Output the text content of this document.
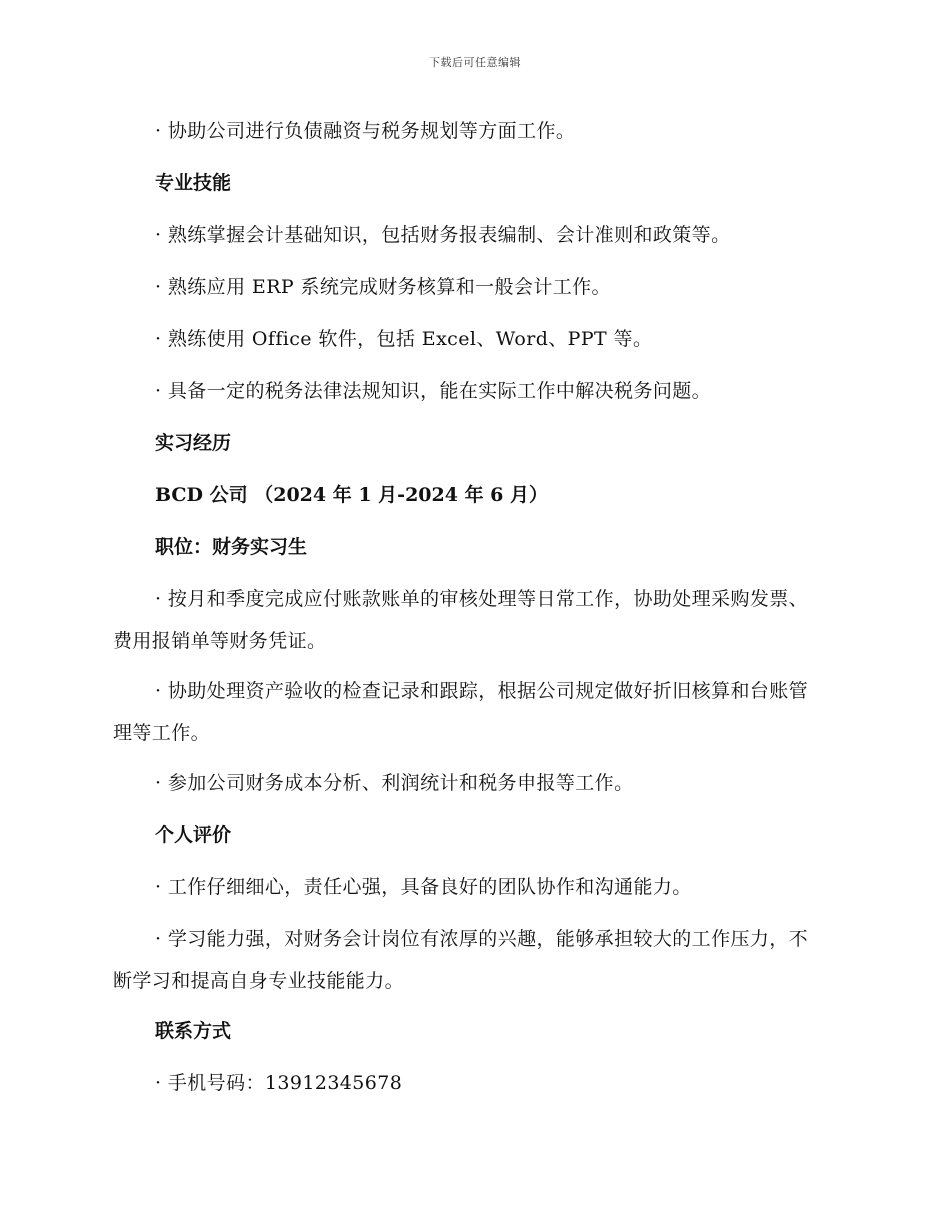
下载后可任意编辑

· 协助公司进行负债融资与税务规划等方面工作。

专业技能

· 熟练掌握会计基础知识，包括财务报表编制、会计准则和政策等。

· 熟练应用 ERP 系统完成财务核算和一般会计工作。

· 熟练使用 Office 软件，包括 Excel、Word、PPT 等。

· 具备一定的税务法律法规知识，能在实际工作中解决税务问题。

实习经历

BCD 公司 （2024 年 1 月-2024 年 6 月）

职位：财务实习生

· 按月和季度完成应付账款账单的审核处理等日常工作，协助处理采购发票、费用报销单等财务凭证。

· 协助处理资产验收的检查记录和跟踪，根据公司规定做好折旧核算和台账管理等工作。

· 参加公司财务成本分析、利润统计和税务申报等工作。

个人评价

· 工作仔细细心，责任心强，具备良好的团队协作和沟通能力。

· 学习能力强，对财务会计岗位有浓厚的兴趣，能够承担较大的工作压力，不断学习和提高自身专业技能能力。

联系方式

· 手机号码：13912345678
